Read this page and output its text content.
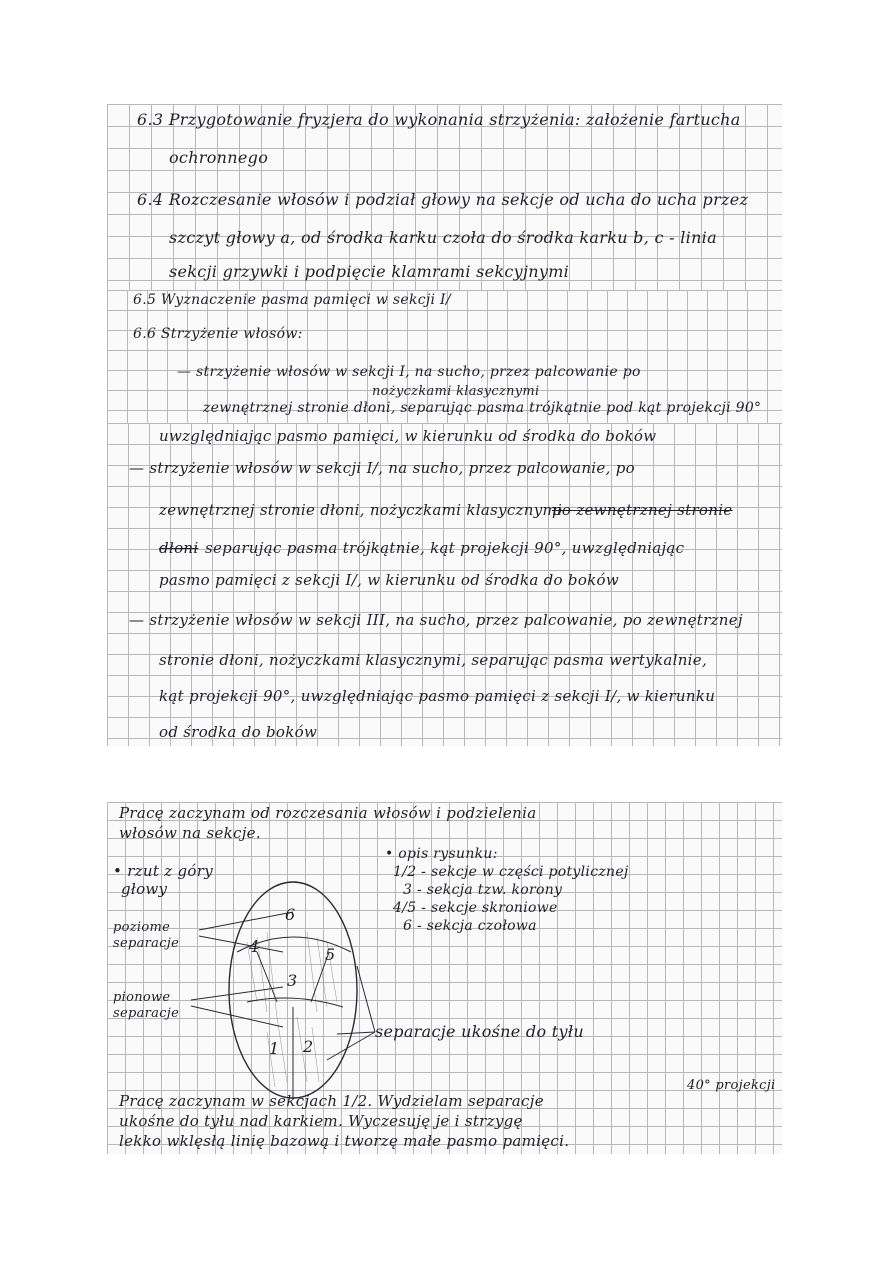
6.3 Przygotowanie fryzjera do wykonania strzyżenia: założenie fartucha
ochronnego
6.4 Rozczesanie włosów i podział głowy na sekcje od ucha do ucha przez
szczyt głowy a, od środka karku czoła do środka karku b, c - linia
sekcji grzywki i podpięcie klamrami sekcyjnymi
6.5 Wyznaczenie pasma pamięci w sekcji I/
6.6 Strzyżenie włosów:
— strzyżenie włosów w sekcji I, na sucho, przez palcowanie po
nożyczkami klasycznymi
zewnętrznej stronie dłoni, separując pasma trójkątnie pod kąt projekcji 90°
uwzględniając pasmo pamięci, w kierunku od środka do boków
— strzyżenie włosów w sekcji I/, na sucho, przez palcowanie, po
zewnętrznej stronie dłoni, nożyczkami klasycznymi
po zewnętrznej stronie
dłoni separując pasma trójkątnie, kąt projekcji 90°, uwzględniając
pasmo pamięci z sekcji I/, w kierunku od środka do boków
— strzyżenie włosów w sekcji III, na sucho, przez palcowanie, po zewnętrznej
stronie dłoni, nożyczkami klasycznymi, separując pasma wertykalnie,
kąt projekcji 90°, uwzględniając pasmo pamięci z sekcji I/, w kierunku
od środka do boków
Pracę zaczynam od rozczesania włosów i podzielenia
włosów na sekcje.
• rzut z góry
głowy
poziome
separacje
pionowe
separacje
• opis rysunku:
1/2 - sekcje w części potylicznej
3 - sekcja tzw. korony
4/5 - sekcje skroniowe
6 - sekcja czołowa
6
4	5
3
1 2
separacje ukośne do tyłu
40° projekcji
Pracę zaczynam w sekcjach 1/2. Wydzielam separacje
ukośne do tyłu nad karkiem. Wyczesuję je i strzygę
lekko wklęsłą linię bazową i tworzę małe pasmo pamięci.
